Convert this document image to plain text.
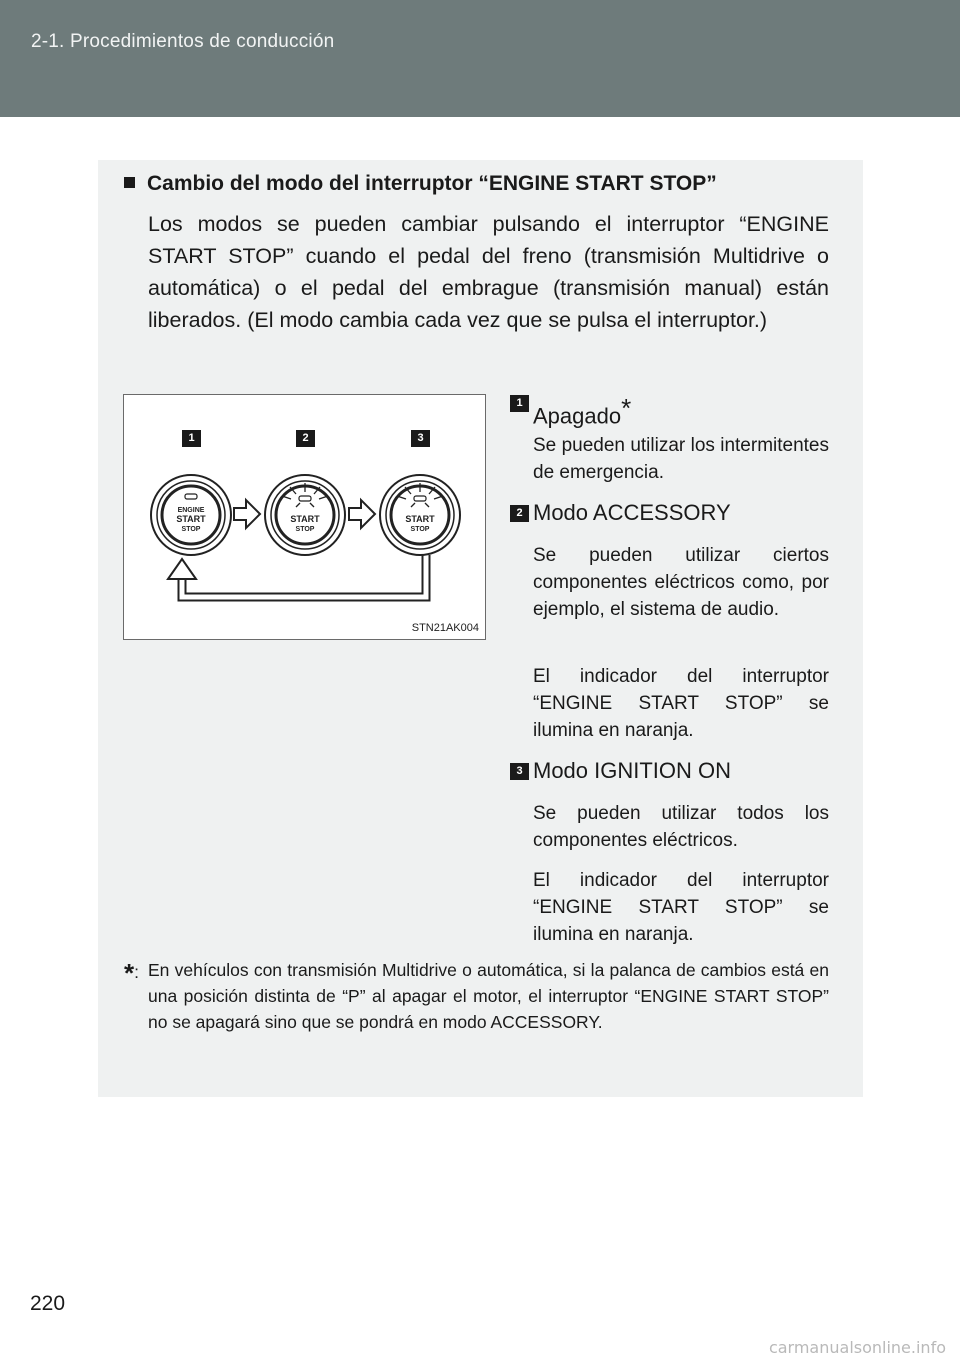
2-1. Procedimientos de conducción
Cambio del modo del interruptor “ENGINE START STOP”
Los modos se pueden cambiar pulsando el interruptor “ENGINE START STOP” cuando el pedal del freno (transmisión Multidrive o automática) o el pedal del embrague (transmisión manual) están liberados. (El modo cambia cada vez que se pulsa el interruptor.)
ENGINE
START
STOP
START
STOP
START
STOP
1	2	3
STN21AK004
1
Apagado*
Se pueden utilizar los intermitentes de emergencia.
2 Modo ACCESSORY
Se pueden utilizar ciertos componentes eléctricos como, por ejemplo, el sistema de audio.
El indicador del interruptor “ENGINE START STOP” se ilumina en naranja.
3 Modo IGNITION ON
Se pueden utilizar todos los componentes eléctricos.
El indicador del interruptor “ENGINE START STOP” se ilumina en naranja.
*: En vehículos con transmisión Multidrive o automática, si la palanca de cambios está en una posición distinta de “P” al apagar el motor, el interruptor “ENGINE START STOP” no se apagará sino que se pondrá en modo ACCESSORY.
220
carmanualsonline.info
